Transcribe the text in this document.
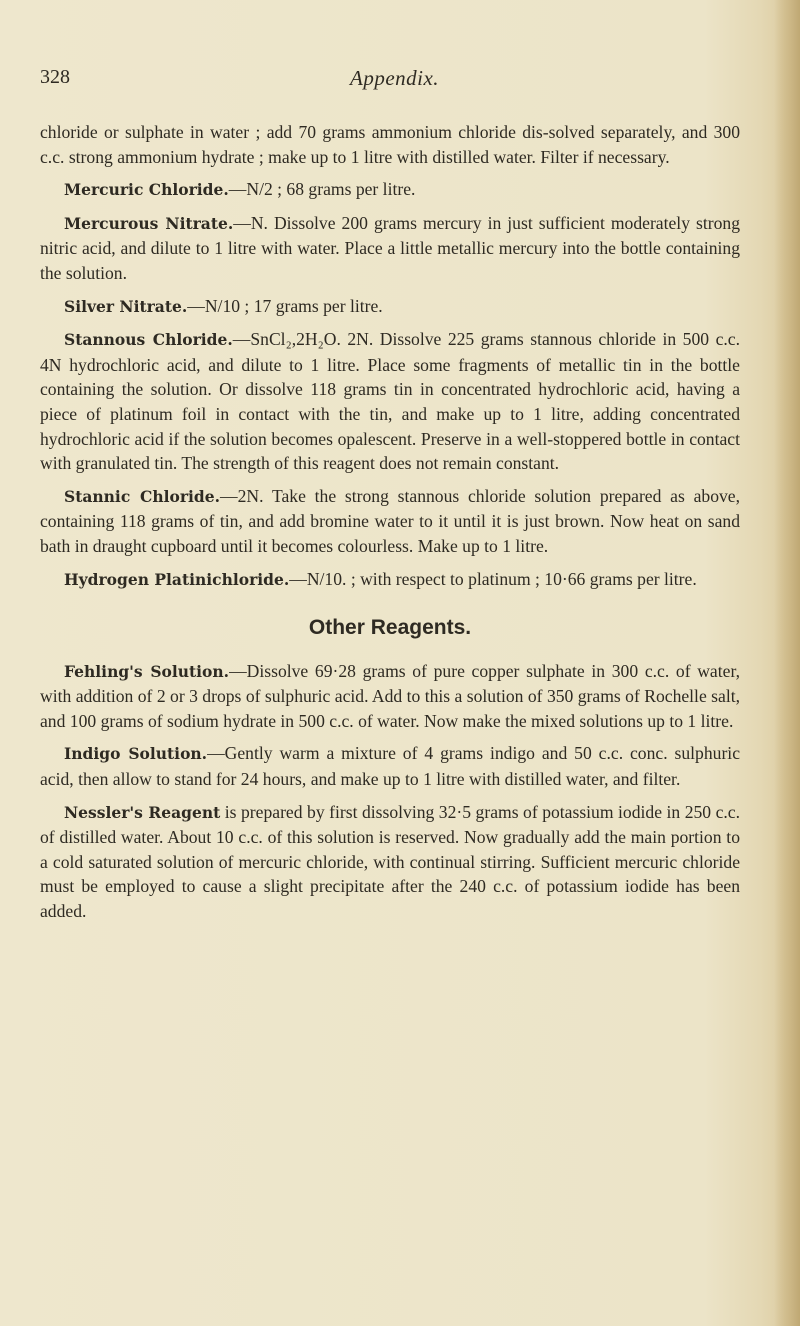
328	Appendix.

chloride or sulphate in water ; add 70 grams ammonium chloride dis-solved separately, and 300 c.c. strong ammonium hydrate ; make up to 1 litre with distilled water. Filter if necessary.

Mercuric Chloride.—N/2 ; 68 grams per litre.

Mercurous Nitrate.—N. Dissolve 200 grams mercury in just sufficient moderately strong nitric acid, and dilute to 1 litre with water. Place a little metallic mercury into the bottle containing the solution.

Silver Nitrate.—N/10 ; 17 grams per litre.

Stannous Chloride.—SnCl₂,2H₂O. 2N. Dissolve 225 grams stannous chloride in 500 c.c. 4N hydrochloric acid, and dilute to 1 litre. Place some fragments of metallic tin in the bottle containing the solution. Or dissolve 118 grams tin in concentrated hydrochloric acid, having a piece of platinum foil in contact with the tin, and make up to 1 litre, adding concentrated hydrochloric acid if the solution becomes opalescent. Preserve in a well-stoppered bottle in contact with granulated tin. The strength of this reagent does not remain constant.

Stannic Chloride.—2N. Take the strong stannous chloride solution prepared as above, containing 118 grams of tin, and add bromine water to it until it is just brown. Now heat on sand bath in draught cupboard until it becomes colourless. Make up to 1 litre.

Hydrogen Platinichloride.—N/10. ; with respect to platinum ; 10·66 grams per litre.

Other Reagents.

Fehling's Solution.—Dissolve 69·28 grams of pure copper sulphate in 300 c.c. of water, with addition of 2 or 3 drops of sulphuric acid. Add to this a solution of 350 grams of Rochelle salt, and 100 grams of sodium hydrate in 500 c.c. of water. Now make the mixed solutions up to 1 litre.

Indigo Solution.—Gently warm a mixture of 4 grams indigo and 50 c.c. conc. sulphuric acid, then allow to stand for 24 hours, and make up to 1 litre with distilled water, and filter.

Nessler's Reagent is prepared by first dissolving 32·5 grams of potassium iodide in 250 c.c. of distilled water. About 10 c.c. of this solution is reserved. Now gradually add the main portion to a cold saturated solution of mercuric chloride, with continual stirring. Sufficient mercuric chloride must be employed to cause a slight precipitate after the 240 c.c. of potassium iodide has been added.
